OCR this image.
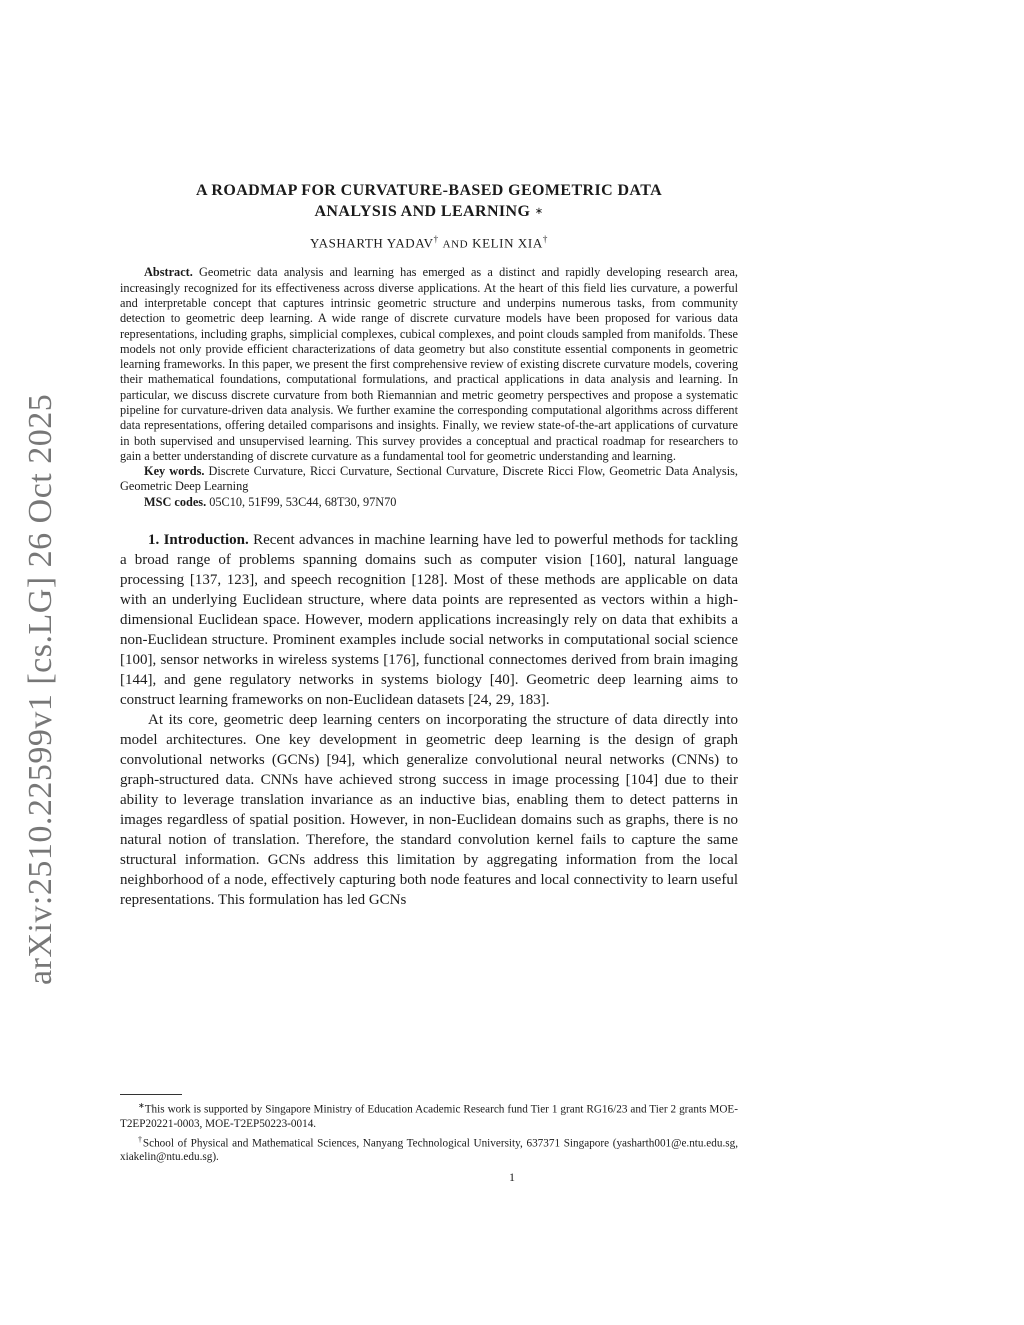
arXiv:2510.22599v1 [cs.LG] 26 Oct 2025
A ROADMAP FOR CURVATURE-BASED GEOMETRIC DATA
ANALYSIS AND LEARNING ∗
YASHARTH YADAV† AND KELIN XIA†

Abstract. Geometric data analysis and learning has emerged as a distinct and rapidly developing research area, increasingly recognized for its effectiveness across diverse applications. At the heart of this field lies curvature, a powerful and interpretable concept that captures intrinsic geometric structure and underpins numerous tasks, from community detection to geometric deep learning. A wide range of discrete curvature models have been proposed for various data representations, including graphs, simplicial complexes, cubical complexes, and point clouds sampled from manifolds. These models not only provide efficient characterizations of data geometry but also constitute essential components in geometric learning frameworks. In this paper, we present the first comprehensive review of existing discrete curvature models, covering their mathematical foundations, computational formulations, and practical applications in data analysis and learning. In particular, we discuss discrete curvature from both Riemannian and metric geometry perspectives and propose a systematic pipeline for curvature-driven data analysis. We further examine the corresponding computational algorithms across different data representations, offering detailed comparisons and insights. Finally, we review state-of-the-art applications of curvature in both supervised and unsupervised learning. This survey provides a conceptual and practical roadmap for researchers to gain a better understanding of discrete curvature as a fundamental tool for geometric understanding and learning.

Key words. Discrete Curvature, Ricci Curvature, Sectional Curvature, Discrete Ricci Flow, Geometric Data Analysis, Geometric Deep Learning

MSC codes. 05C10, 51F99, 53C44, 68T30, 97N70

1. Introduction. Recent advances in machine learning have led to powerful methods for tackling a broad range of problems spanning domains such as computer vision [160], natural language processing [137, 123], and speech recognition [128]. Most of these methods are applicable on data with an underlying Euclidean structure, where data points are represented as vectors within a high-dimensional Euclidean space. However, modern applications increasingly rely on data that exhibits a non-Euclidean structure. Prominent examples include social networks in computational social science [100], sensor networks in wireless systems [176], functional connectomes derived from brain imaging [144], and gene regulatory networks in systems biology [40]. Geometric deep learning aims to construct learning frameworks on non-Euclidean datasets [24, 29, 183].

At its core, geometric deep learning centers on incorporating the structure of data directly into model architectures. One key development in geometric deep learning is the design of graph convolutional networks (GCNs) [94], which generalize convolutional neural networks (CNNs) to graph-structured data. CNNs have achieved strong success in image processing [104] due to their ability to leverage translation invariance as an inductive bias, enabling them to detect patterns in images regardless of spatial position. However, in non-Euclidean domains such as graphs, there is no natural notion of translation. Therefore, the standard convolution kernel fails to capture the same structural information. GCNs address this limitation by aggregating information from the local neighborhood of a node, effectively capturing both node features and local connectivity to learn useful representations. This formulation has led GCNs

∗This work is supported by Singapore Ministry of Education Academic Research fund Tier 1 grant RG16/23 and Tier 2 grants MOE-T2EP20221-0003, MOE-T2EP50223-0014.

†School of Physical and Mathematical Sciences, Nanyang Technological University, 637371 Singapore (yasharth001@e.ntu.edu.sg, xiakelin@ntu.edu.sg).

1
